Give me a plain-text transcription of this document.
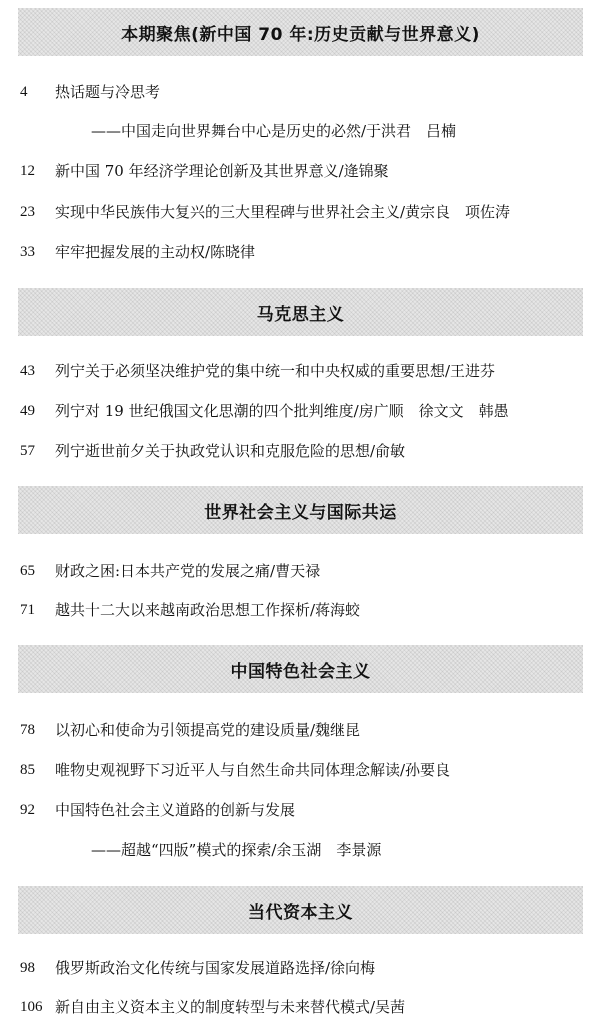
本期聚焦(新中国 70 年:历史贡献与世界意义)
4 热话题与冷思考
——中国走向世界舞台中心是历史的必然/于洪君　吕楠
12 新中国 70 年经济学理论创新及其世界意义/逄锦聚
23 实现中华民族伟大复兴的三大里程碑与世界社会主义/黄宗良　项佐涛
33 牢牢把握发展的主动权/陈晓律
马克思主义
43 列宁关于必须坚决维护党的集中统一和中央权威的重要思想/王进芬
49 列宁对 19 世纪俄国文化思潮的四个批判维度/房广顺　徐文文　韩愚
57 列宁逝世前夕关于执政党认识和克服危险的思想/俞敏
世界社会主义与国际共运
65 财政之困:日本共产党的发展之痛/曹天禄
71 越共十二大以来越南政治思想工作探析/蒋海蛟
中国特色社会主义
78 以初心和使命为引领提高党的建设质量/魏继昆
85 唯物史观视野下习近平人与自然生命共同体理念解读/孙要良
92 中国特色社会主义道路的创新与发展
——超越“四版”模式的探索/余玉湖　李景源
当代资本主义
98 俄罗斯政治文化传统与国家发展道路选择/徐向梅
106 新自由主义资本主义的制度转型与未来替代模式/吴茜
